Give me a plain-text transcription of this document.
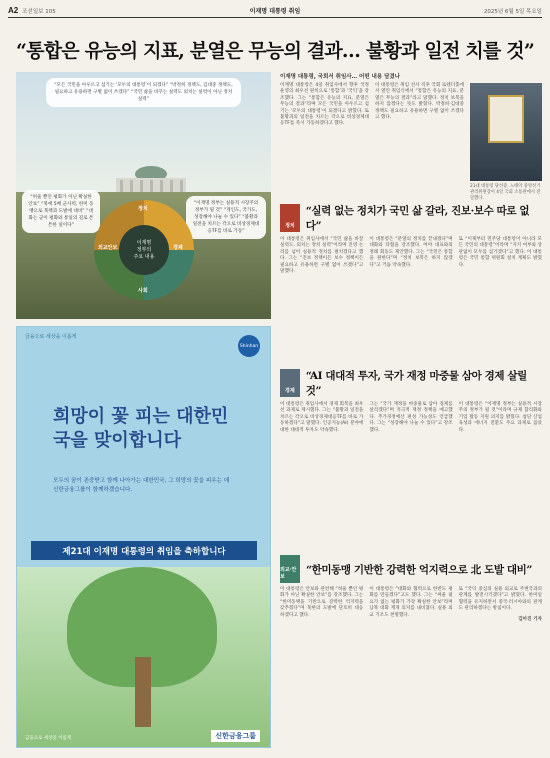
A2 조선일보 105	이재명 대통령 취임	2025년 6월 5일 목요일
“통합은 유능의 지표, 분열은 무능의 결과… 불황과 일전 치를 것”
“모든 국민을 아우르고 섬기는 ‘모두의 대통령’이 되겠다” “박정희 정책도, 김대중 정책도, 필요하고 유용하면 구별 없이 쓰겠다” “국민 삶을 바꾸는 실력도 외치는 실력이 아닌 정치 실력”
“허울 뿐인 평화가 아닌 확실한 안보” “북에 5배 군사력, 한미 동맹으로 북핵과 도발에 대비” “대화는 군이 평화와 통일의 길로 튼튼한 일이다”
“이재명 정부는 실용적 시장주의 정부가 될 것” “개인도, 국가도, 성장해야 나눌 수 있다” “불황과 일전을 치르는 각오로 비상경제대응TF를 바로 가동”
정치
경제
사회
외교안보
이재명
정부의
주요 내용
금융으로 세상을 이롭게
Shinhan
희망이 꽃 피는 대한민국을 맞이합니다
모두의 꿈이 존중받고 함께 나아가는 대한민국, 그 희망의 꽃을 피우는 데 신한금융그룹이 함께하겠습니다.
제21대 이재명 대통령의 취임을 축하합니다
금융으로 세상을 이롭게	신한금융그룹
이재명 대통령, 국회서 취임사… 어떤 내용 담겼나
이재명 대통령은 4일 취임사에서 향후 국정 운영의 최우선 원칙으로 ‘통합’과 ‘국익’을 강조했다. 그는 “통합은 유능의 지표, 분열은 무능의 결과”라며 모든 국민을 아우르고 섬기는 ‘모두의 대통령’이 되겠다고 밝혔다. 또 불황과의 일전을 치르는 각오로 비상경제대응TF를 즉시 가동하겠다고 했다.
이 대통령은 취임 선서 직후 국회 로텐더홀에서 열린 취임식에서 “통합은 유능의 지표, 분열은 무능의 결과”라고 말했다. 정치 보복을 하지 않겠다는 뜻도 밝혔다. 박정희·김대중 정책도 필요하고 유용하면 구별 없이 쓰겠다고 했다.
21대 대통령 당선증. 노태악 중앙선거관리위원장이 4일 국회 소통관에서 전달했다.
정치
“실력 없는 정치가 국민 삶 갈라, 진보·보수 따로 없다”
이 대통령은 취임사에서 “국민 삶을 바꿀 실력도, 외치는 정치 실력”이라며 진영 논리를 넘어 실용적 정치를 펼치겠다고 했다. 그는 “진보 정책이든 보수 정책이든 필요하고 유용하면 구별 없이 쓰겠다”고 말했다.
이 대통령은 “분열의 정치를 끝내겠다”며 대화와 타협을 강조했다. 여야 대표와의 정례 회동도 제안했다. 그는 “국민은 통합을 원한다”며 “정치 보복은 하지 않겠다”고 거듭 약속했다.
또 “이제부터 민주당 대통령이 아니라 모든 국민의 대통령”이라며 “지지 여부와 상관없이 모두를 섬기겠다”고 했다. 이 대통령은 국민 통합 위원회 설치 계획도 밝혔다.
경제
“AI 대대적 투자, 국가 재정 마중물 삼아 경제 살릴 것”
이 대통령은 취임사에서 경제 회복을 최우선 과제로 제시했다. 그는 “불황과 일전을 치르는 각오로 비상경제대응TF를 바로 가동하겠다”고 말했다. 인공지능(AI) 분야에 대한 대대적 투자도 약속했다.
그는 “국가 재정을 마중물로 삼아 경제를 살리겠다”며 적극적 재정 정책을 예고했다. 추가경정예산 편성 가능성도 언급했다. 그는 “성장해야 나눌 수 있다”고 강조했다.
이 대통령은 “이재명 정부는 실용적 시장주의 정부가 될 것”이라며 규제 합리화와 기업 활동 지원 의지를 밝혔다. 첨단 산업 육성과 에너지 전환도 주요 과제로 꼽았다.
외교·안보
“한미동맹 기반한 강력한 억지력으로 北 도발 대비”
이 대통령은 안보와 관련해 “허울 뿐인 평화가 아닌 확실한 안보”를 강조했다. 그는 “한미동맹을 기반으로 강력한 억지력을 갖추겠다”며 북한의 도발에 단호히 대응하겠다고 했다.
이 대통령은 “대화와 협력으로 한반도 평화를 만들겠다”고도 했다. 그는 “싸울 필요가 없는 평화가 가장 확실한 안보”라며 남북 대화 재개 의지를 내비쳤다. 실용 외교 기조도 천명했다.
또 “국익 중심의 실용 외교로 주변국과의 관계를 발전시키겠다”고 밝혔다. 한미일 협력을 유지하면서 중국·러시아와의 관계도 관리하겠다는 방침이다.
김아진 기자
